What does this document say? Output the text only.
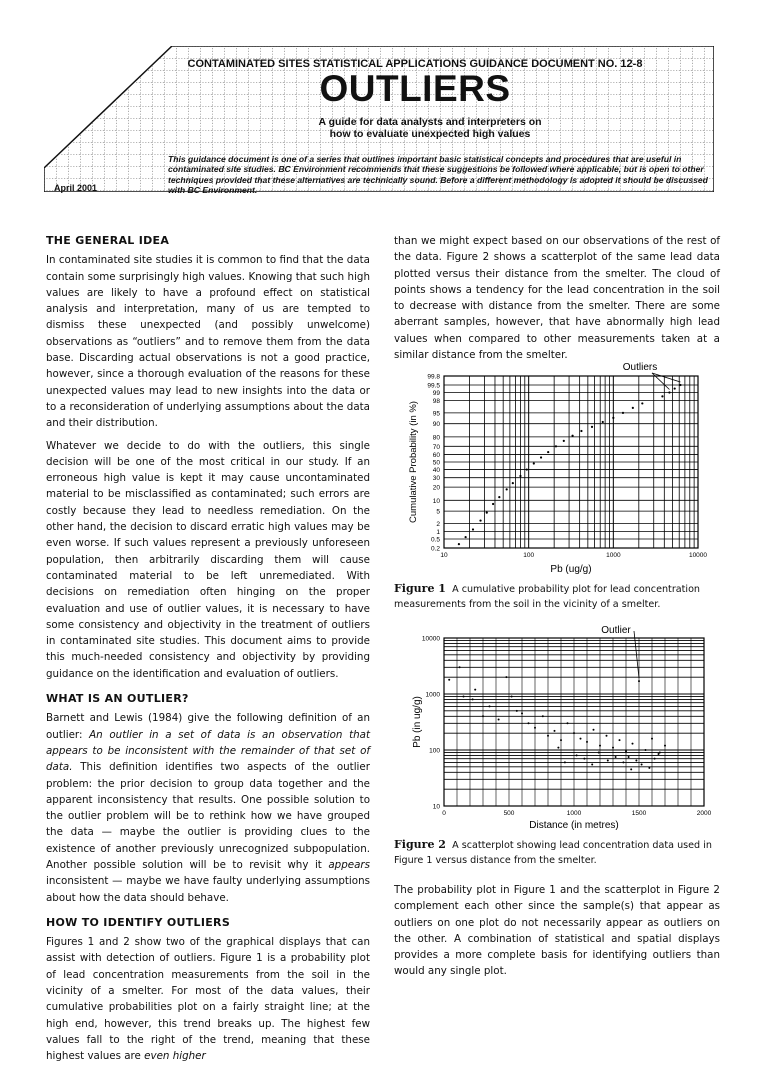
CONTAMINATED SITES STATISTICAL APPLICATIONS GUIDANCE DOCUMENT NO. 12-8
OUTLIERS
A guide for data analysts and interpreters on
how to evaluate unexpected high values
This guidance document is one of a series that outlines important basic statistical concepts and procedures that are useful in contaminated site studies. BC Environment recommends that these suggestions be followed where applicable, but is open to other techniques provided that these alternatives are technically sound. Before a different methodology is adopted it should be discussed with BC Environment.
April 2001

THE GENERAL IDEA

In contaminated site studies it is common to find that the data contain some surprisingly high values. Knowing that such high values are likely to have a profound effect on statistical analysis and interpretation, many of us are tempted to dismiss these unexpected (and possibly unwelcome) observations as “outliers” and to remove them from the data base. Discarding actual observations is not a good practice, however, since a thorough evaluation of the reasons for these unexpected values may lead to new insights into the data or to a reconsideration of underlying assumptions about the data and their distribution.

Whatever we decide to do with the outliers, this single decision will be one of the most critical in our study. If an erroneous high value is kept it may cause uncontaminated material to be misclassified as contaminated; such errors are costly because they lead to needless remediation. On the other hand, the decision to discard erratic high values may be even worse. If such values represent a previously unforeseen population, then arbitrarily discarding them will cause contaminated material to be left unremediated. With decisions on remediation often hinging on the proper evaluation and use of outlier values, it is necessary to have some consistency and objectivity in the treatment of outliers in contaminated site studies. This document aims to provide this much-needed consistency and objectivity by providing guidance on the identification and evaluation of outliers.

WHAT IS AN OUTLIER?

Barnett and Lewis (1984) give the following definition of an outlier: An outlier in a set of data is an observation that appears to be inconsistent with the remainder of that set of data. This definition identifies two aspects of the outlier problem: the prior decision to group data together and the apparent inconsistency that results. One possible solution to the outlier problem will be to rethink how we have grouped the data — maybe the outlier is providing clues to the existence of another previously unrecognized subpopulation. Another possible solution will be to revisit why it appears inconsistent — maybe we have faulty underlying assumptions about how the data should behave.

HOW TO IDENTIFY OUTLIERS

Figures 1 and 2 show two of the graphical displays that can assist with detection of outliers. Figure 1 is a probability plot of lead concentration measurements from the soil in the vicinity of a smelter. For most of the data values, their cumulative probabilities plot on a fairly straight line; at the high end, however, this trend breaks up. The highest few values fall to the right of the trend, meaning that these highest values are even higher

than we might expect based on our observations of the rest of the data. Figure 2 shows a scatterplot of the same lead data plotted versus their distance from the smelter. The cloud of points shows a tendency for the lead concentration in the soil to decrease with distance from the smelter. There are some aberrant samples, however, that have abnormally high lead values when compared to other measurements taken at a similar distance from the smelter.

0.2
0.5
1
2
5
10
20
30
40
50
60
70
80
90
95
98
99
99.5
99.8
10	100	1000	10000
Pb (ug/g)
Cumulative Probability (in %)
Outliers
Figure 1 A cumulative probability plot for lead concentration measurements from the soil in the vicinity of a smelter.
10
100
1000
10000
0	500	1000	1500	2000
Distance (in metres)
Pb (in ug/g)
Outlier
Figure 2 A scatterplot showing lead concentration data used in Figure 1 versus distance from the smelter.

The probability plot in Figure 1 and the scatterplot in Figure 2 complement each other since the sample(s) that appear as outliers on one plot do not necessarily appear as outliers on the other. A combination of statistical and spatial displays provides a more complete basis for identifying outliers than would any single plot.
